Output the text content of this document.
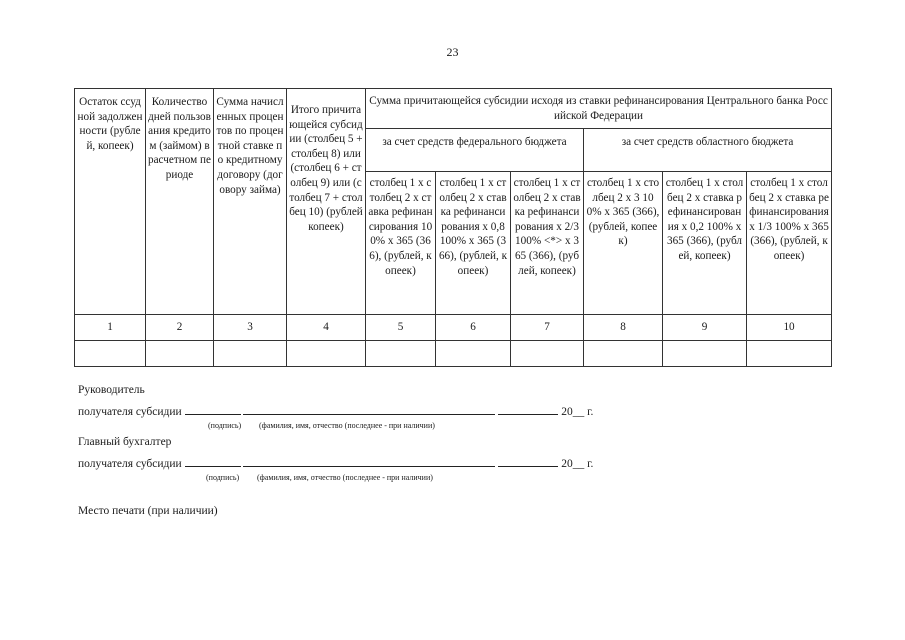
23
Остаток ссудной задолженности (рублей, копеек)	Количество дней пользования кредитом (займом) в расчетном периоде	Сумма начисленных процентов по процентной ставке по кредитному договору (договору займа)	Итого причитающейся субсидии (столбец 5 + столбец 8) или (столбец 6 + столбец 9) или (столбец 7 + столбец 10) (рублей копеек)	Сумма причитающейся субсидии исходя из ставки рефинансирования Центрального банка Российской Федерации					
				за счет средств федерального бюджета			за счет средств областного бюджета		
				столбец 1 x столбец 2 x ставка рефинансирования 100% x 365 (366), (рублей, копеек)	столбец 1 x столбец 2 x ставка рефинансирования x 0,8 100% x 365 (366), (рублей, копеек)	столбец 1 x столбец 2 x ставка рефинансирования x 2/3 100% <*> x 365 (366), (рублей, копеек)	столбец 1 x столбец 2 x 3 100% x 365 (366), (рублей, копеек)	столбец 1 x столбец 2 x ставка рефинансирования x 0,2 100% x 365 (366), (рублей, копеек)	столбец 1 x столбец 2 x ставка рефинансирования x 1/3 100% x 365 (366), (рублей, копеек)
1	2	3	4	5	6	7	8	9	10

Руководитель
получателя субсидии	20__ г.
(подпись) (фамилия, имя, отчество (последнее - при наличии)
Главный бухгалтер
получателя субсидии	20__ г.
(подпись) (фамилия, имя, отчество (последнее - при наличии)
Место печати (при наличии)
